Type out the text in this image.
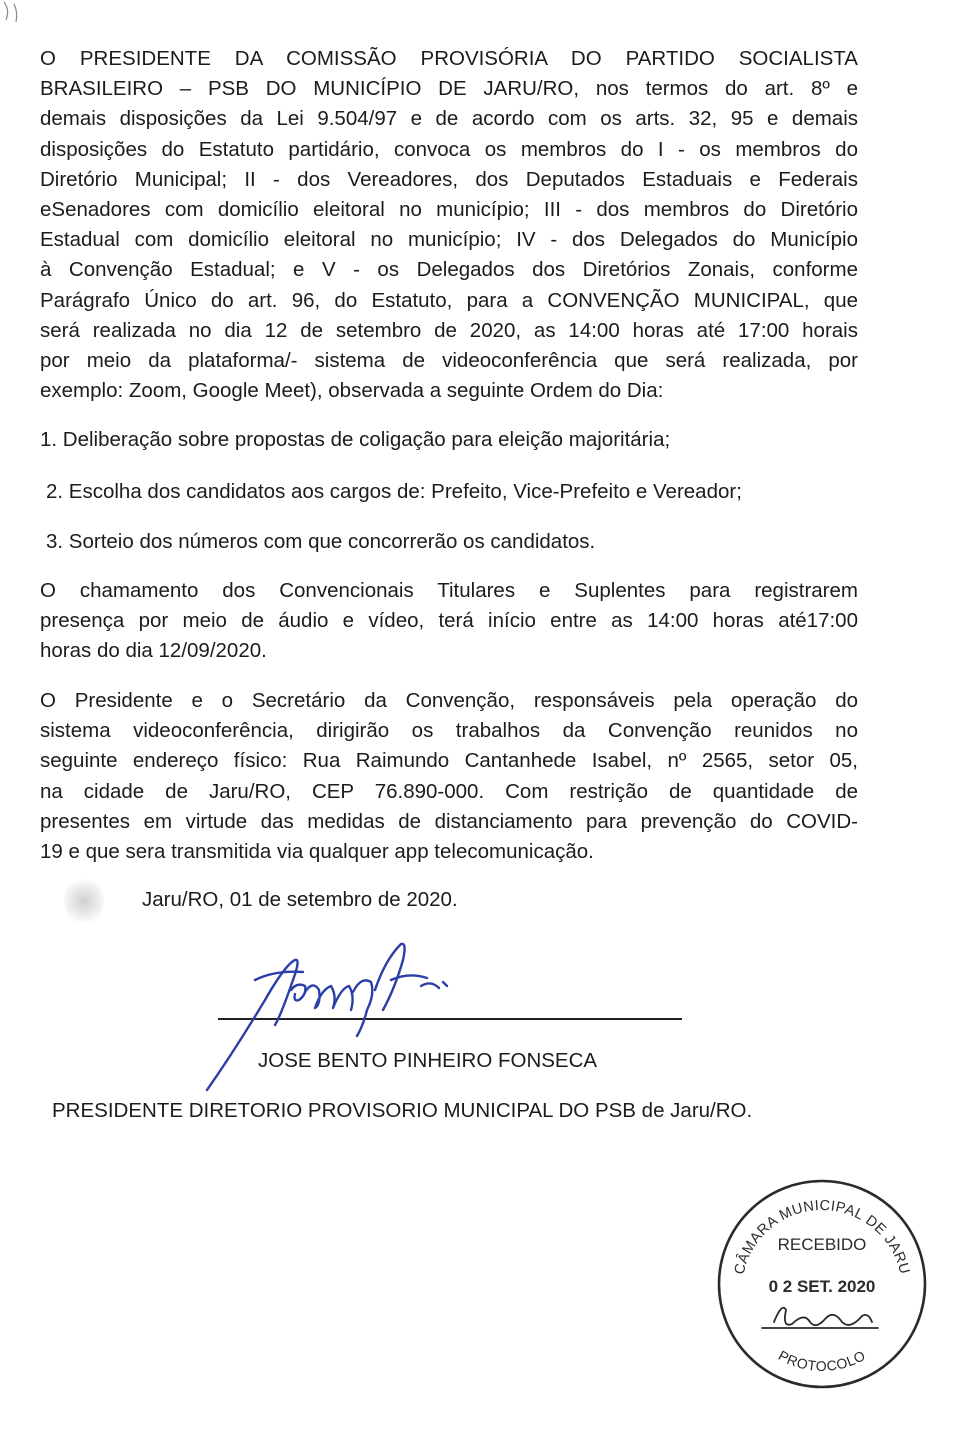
O PRESIDENTE DA COMISSÃO PROVISÓRIA DO PARTIDO SOCIALISTA
BRASILEIRO – PSB DO MUNICÍPIO DE JARU/RO, nos termos do art. 8º e
demais disposições da Lei 9.504/97 e de acordo com os arts. 32, 95 e demais
disposições do Estatuto partidário, convoca os membros do I - os membros do
Diretório Municipal; II - dos Vereadores, dos Deputados Estaduais e Federais
eSenadores com domicílio eleitoral no município; III - dos membros do Diretório
Estadual com domicílio eleitoral no município; IV - dos Delegados do Município
à Convenção Estadual; e V - os Delegados dos Diretórios Zonais, conforme
Parágrafo Único do art. 96, do Estatuto, para a CONVENÇÃO MUNICIPAL, que
será realizada no dia 12 de setembro de 2020, as 14:00 horas até 17:00 horais
por meio da plataforma/- sistema de videoconferência que será realizada, por
exemplo: Zoom, Google Meet), observada a seguinte Ordem do Dia:

1. Deliberação sobre propostas de coligação para eleição majoritária;

2. Escolha dos candidatos aos cargos de: Prefeito, Vice-Prefeito e Vereador;

3. Sorteio dos números com que concorrerão os candidatos.

O chamamento dos Convencionais Titulares e Suplentes para registrarem
presença por meio de áudio e vídeo, terá início entre as 14:00 horas até17:00
horas do dia 12/09/2020.
O Presidente e o Secretário da Convenção, responsáveis pela operação do
sistema videoconferência, dirigirão os trabalhos da Convenção reunidos no
seguinte endereço físico: Rua Raimundo Cantanhede Isabel, nº 2565, setor 05,
na cidade de Jaru/RO, CEP 76.890-000. Com restrição de quantidade de
presentes em virtude das medidas de distanciamento para prevenção do COVID-
19 e que sera transmitida via qualquer app telecomunicação.

Jaru/RO, 01 de setembro de 2020.

JOSE BENTO PINHEIRO FONSECA

PRESIDENTE DIRETORIO PROVISORIO MUNICIPAL DO PSB de Jaru/RO.

CÂMARA MUNICIPAL DE JARU
RECEBIDO
0 2 SET. 2020
PROTOCOLO
